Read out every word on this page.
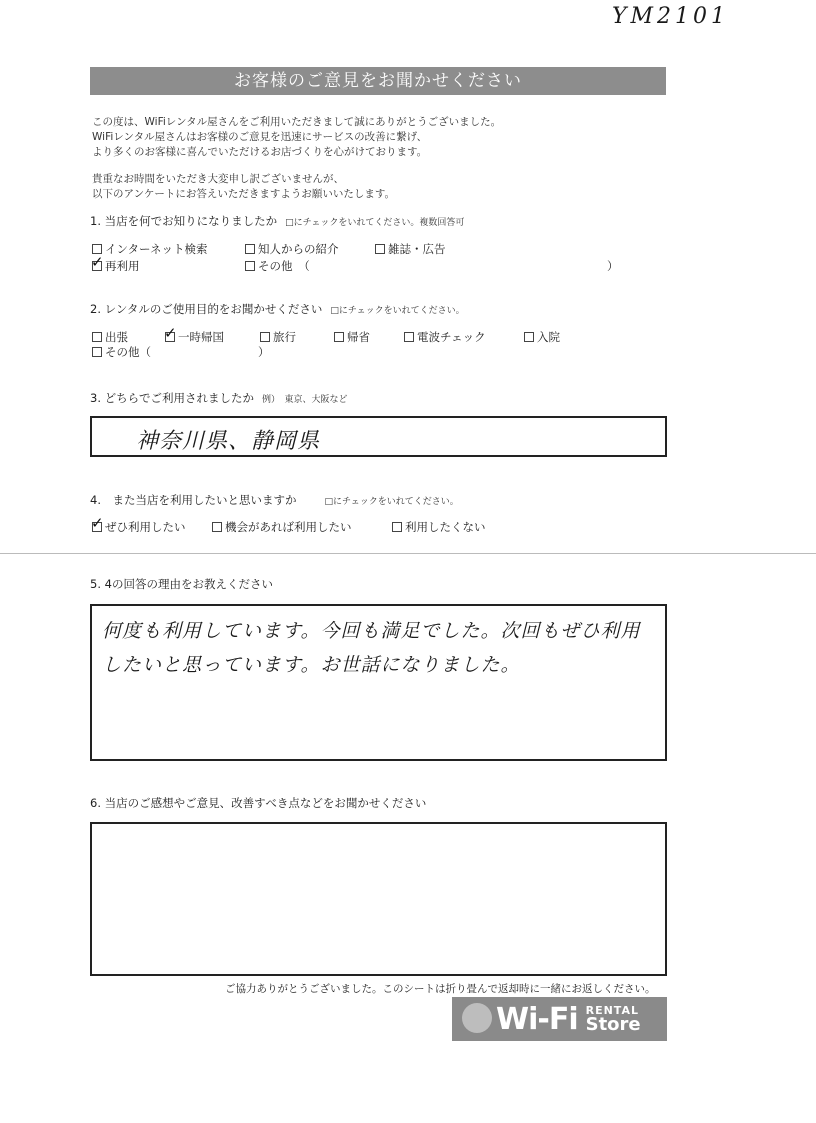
YM2101
お客様のご意見をお聞かせください
この度は、WiFiレンタル屋さんをご利用いただきまして誠にありがとうございました。
WiFiレンタル屋さんはお客様のご意見を迅速にサービスの改善に繋げ、
より多くのお客様に喜んでいただけるお店づくりを心がけております。
貴重なお時間をいただき大変申し訳ございませんが、
以下のアンケートにお答えいただきますようお願いいたします。
1. 当店を何でお知りになりましたか □にチェックをいれてください。複数回答可
インターネット検索	知人からの紹介	雑誌・広告
✓再利用	その他　（	）
2. レンタルのご使用目的をお聞かせください □にチェックをいれてください。
出張
✓	一時帰国	旅行	帰省	電波チェック	入院
その他（	）
3. どちらでご利用されましたか 例）　東京、大阪など
神奈川県、静岡県
4.　また当店を利用したいと思いますか	□にチェックをいれてください。
✓ぜひ利用したい	機会があれば利用したい	利用したくない
5. 4の回答の理由をお教えください
何度も利用しています。今回も満足でした。次回もぜひ利用
したいと思っています。お世話になりました。
6. 当店のご感想やご意見、改善すべき点などをお聞かせください
ご協力ありがとうございました。このシートは折り畳んで返却時に一緒にお返しください。
Wi-Fi RENTAL
Store
